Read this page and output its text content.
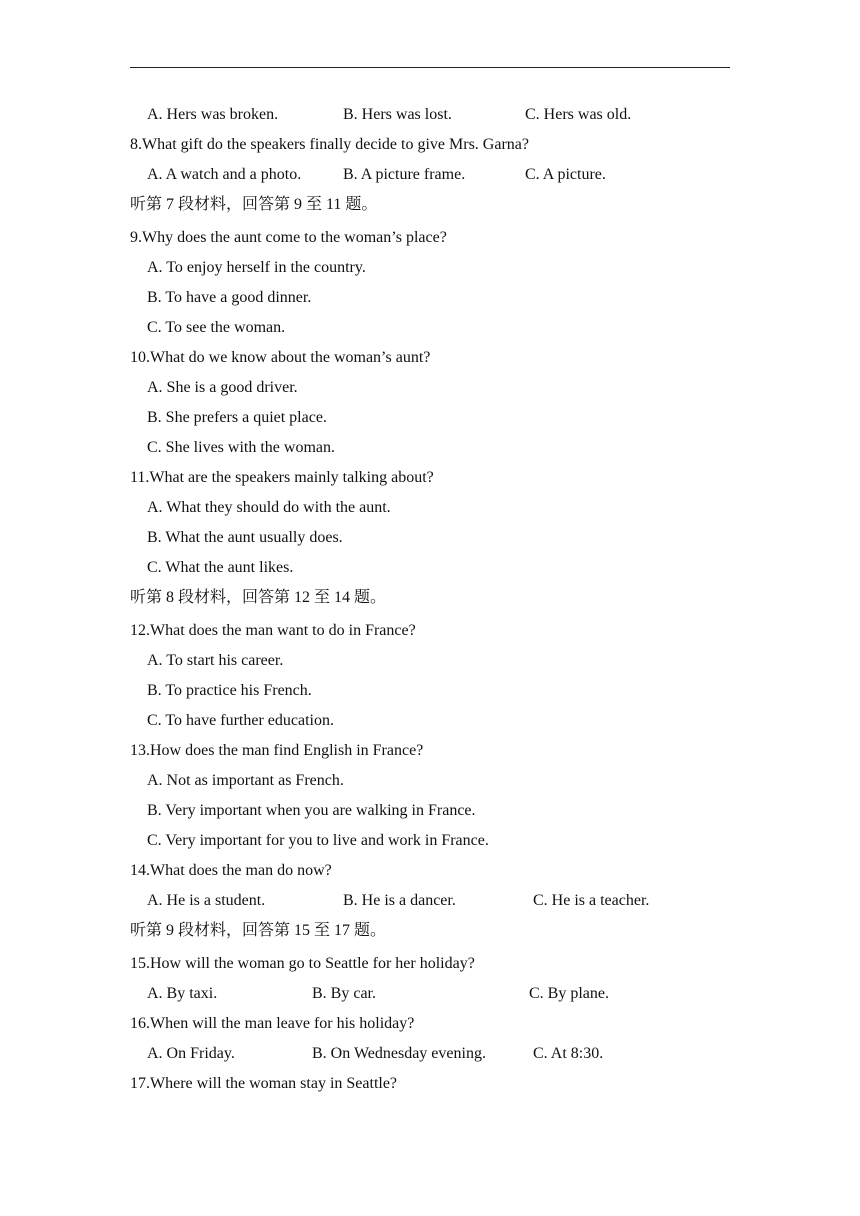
A. Hers was broken.	B. Hers was lost.	C. Hers was old.
8.What gift do the speakers finally decide to give Mrs. Garna?
A. A watch and a photo.	B. A picture frame.	C. A picture.
听第 7 段材料，回答第 9 至 11 题。
9.Why does the aunt come to the woman’s place?
A. To enjoy herself in the country.
B. To have a good dinner.
C. To see the woman.
10.What do we know about the woman’s aunt?
A. She is a good driver.
B. She prefers a quiet place.
C. She lives with the woman.
11.What are the speakers mainly talking about?
A. What they should do with the aunt.
B. What the aunt usually does.
C. What the aunt likes.
听第 8 段材料，回答第 12 至 14 题。
12.What does the man want to do in France?
A. To start his career.
B. To practice his French.
C. To have further education.
13.How does the man find English in France?
A. Not as important as French.
B. Very important when you are walking in France.
C. Very important for you to live and work in France.
14.What does the man do now?
A. He is a student.	B. He is a dancer.	C. He is a teacher.
听第 9 段材料，回答第 15 至 17 题。
15.How will the woman go to Seattle for her holiday?
A. By taxi.	B. By car.	C. By plane.
16.When will the man leave for his holiday?
A. On Friday.	B. On Wednesday evening.	C. At 8:30.
17.Where will the woman stay in Seattle?
